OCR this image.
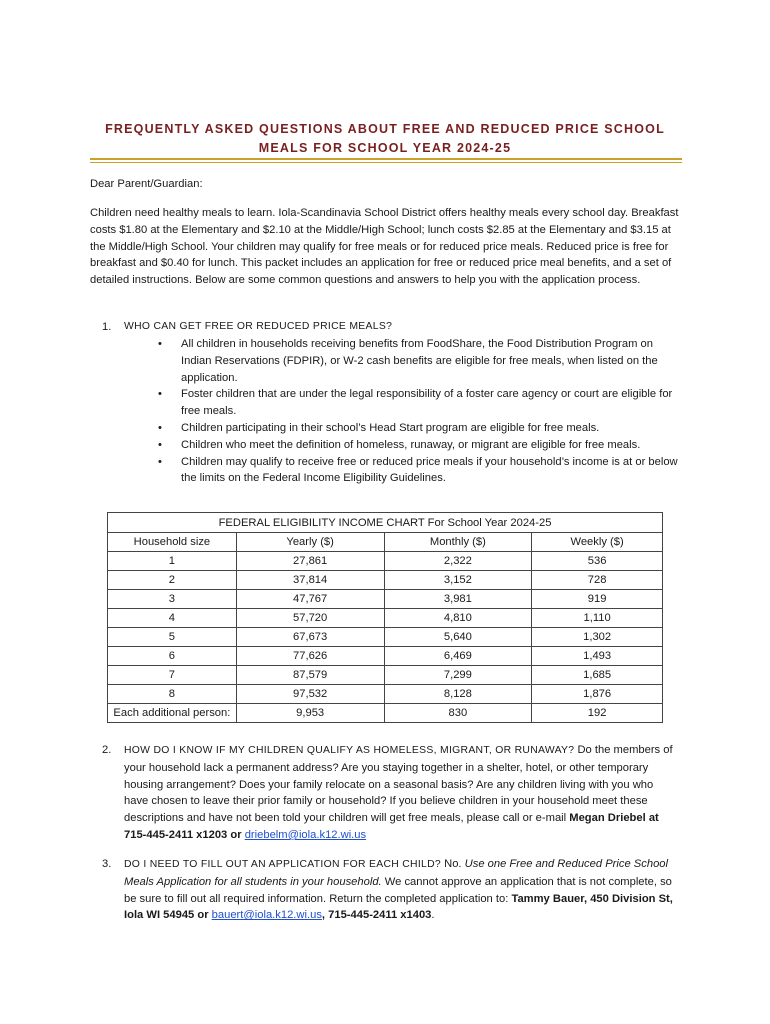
FREQUENTLY ASKED QUESTIONS ABOUT FREE AND REDUCED PRICE SCHOOL
MEALS FOR SCHOOL YEAR 2024-25
Dear Parent/Guardian:
Children need healthy meals to learn. Iola-Scandinavia School District offers healthy meals every school day. Breakfast costs $1.80 at the Elementary and $2.10 at the Middle/High School; lunch costs $2.85 at the Elementary and $3.15 at the Middle/High School. Your children may qualify for free meals or for reduced price meals. Reduced price is free for breakfast and $0.40 for lunch. This packet includes an application for free or reduced price meal benefits, and a set of detailed instructions. Below are some common questions and answers to help you with the application process.
1. WHO CAN GET FREE OR REDUCED PRICE MEALS?
• All children in households receiving benefits from FoodShare, the Food Distribution Program on Indian Reservations (FDPIR), or W-2 cash benefits are eligible for free meals, when listed on the application.
• Foster children that are under the legal responsibility of a foster care agency or court are eligible for free meals.
• Children participating in their school’s Head Start program are eligible for free meals.
• Children who meet the definition of homeless, runaway, or migrant are eligible for free meals.
• Children may qualify to receive free or reduced price meals if your household’s income is at or below the limits on the Federal Income Eligibility Guidelines.
FEDERAL ELIGIBILITY INCOME CHART For School Year 2024-25			
Household size	Yearly ($)	Monthly ($)	Weekly ($)
1	27,861	2,322	536
2	37,814	3,152	728
3	47,767	3,981	919
4	57,720	4,810	1,110
5	67,673	5,640	1,302
6	77,626	6,469	1,493
7	87,579	7,299	1,685
8	97,532	8,128	1,876
Each additional person:	9,953	830	192
2. HOW DO I KNOW IF MY CHILDREN QUALIFY AS HOMELESS, MIGRANT, OR RUNAWAY? Do the members of your household lack a permanent address? Are you staying together in a shelter, hotel, or other temporary housing arrangement? Does your family relocate on a seasonal basis? Are any children living with you who have chosen to leave their prior family or household? If you believe children in your household meet these descriptions and have not been told your children will get free meals, please call or e-mail Megan Driebel at 715-445-2411 x1203 or driebelm@iola.k12.wi.us
3. DO I NEED TO FILL OUT AN APPLICATION FOR EACH CHILD? No. Use one Free and Reduced Price School Meals Application for all students in your household. We cannot approve an application that is not complete, so be sure to fill out all required information. Return the completed application to: Tammy Bauer, 450 Division St, Iola WI 54945 or bauert@iola.k12.wi.us, 715-445-2411 x1403.
